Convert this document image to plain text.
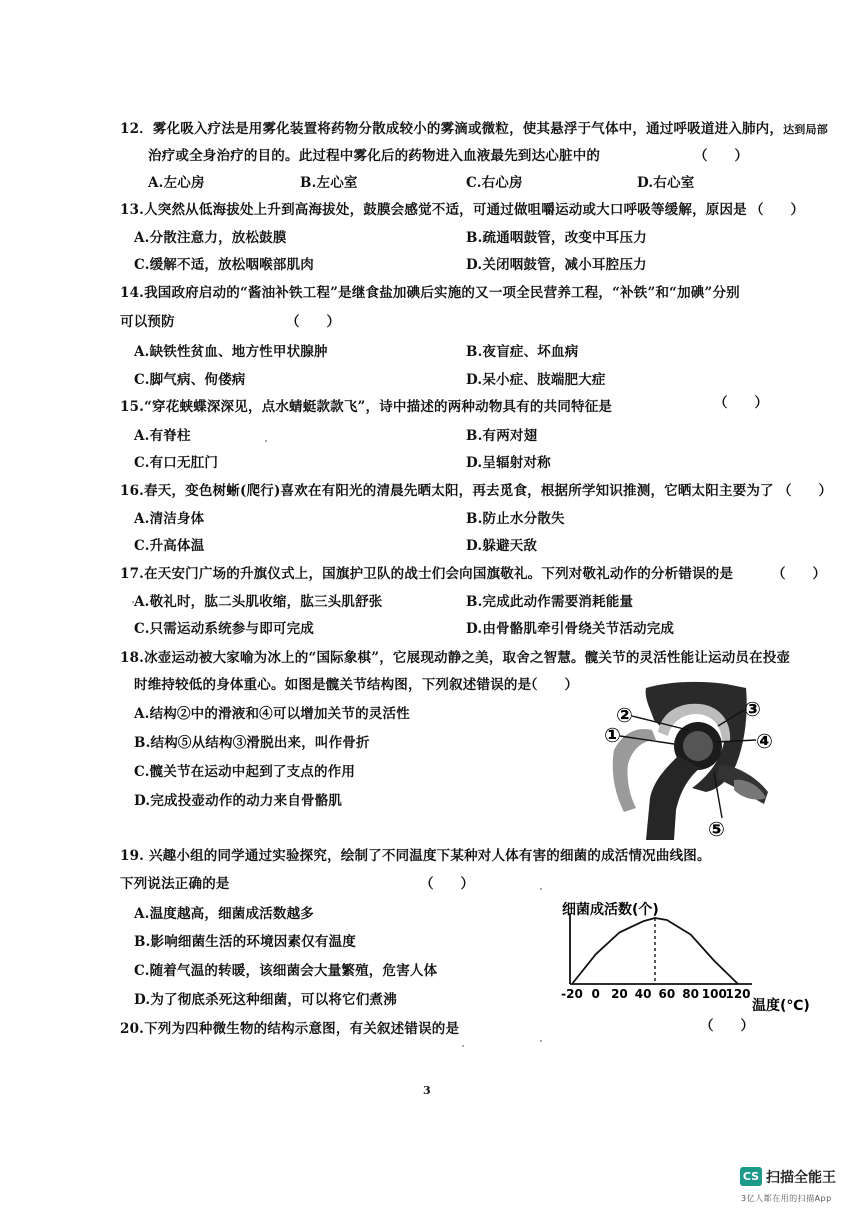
12．雾化吸入疗法是用雾化装置将药物分散成较小的雾滴或微粒，使其悬浮于气体中，通过呼吸道进入肺内，达到局部
治疗或全身治疗的目的。此过程中雾化后的药物进入血液最先到达心脏中的	（　　）
A.左心房	B.左心室	C.右心房	D.右心室
13.人突然从低海拔处上升到高海拔处，鼓膜会感觉不适，可通过做咀嚼运动或大口呼吸等缓解，原因是 （　　）
A.分散注意力，放松鼓膜	B.疏通咽鼓管，改变中耳压力
C.缓解不适，放松咽喉部肌肉	D.关闭咽鼓管，减小耳腔压力
14.我国政府启动的“酱油补铁工程”是继食盐加碘后实施的又一项全民营养工程，“补铁”和“加碘”分别
可以预防	（　　）
A.缺铁性贫血、地方性甲状腺肿	B.夜盲症、坏血病
C.脚气病、佝偻病	D.呆小症、肢端肥大症
15.“穿花蛱蝶深深见，点水蜻蜓款款飞”，诗中描述的两种动物具有的共同特征是	（　　）
A.有脊柱	B.有两对翅
C.有口无肛门	D.呈辐射对称
16.春天，变色树蜥(爬行)喜欢在有阳光的清晨先晒太阳，再去觅食，根据所学知识推测，它晒太阳主要为了 （　　）
A.清洁身体	B.防止水分散失
C.升高体温	D.躲避天敌
17.在天安门广场的升旗仪式上，国旗护卫队的战士们会向国旗敬礼。下列对敬礼动作的分析错误的是	（　　）
A.敬礼时，肱二头肌收缩，肱三头肌舒张	B.完成此动作需要消耗能量
C.只需运动系统参与即可完成	D.由骨骼肌牵引骨绕关节活动完成
18.冰壶运动被大家喻为冰上的“国际象棋”，它展现动静之美，取舍之智慧。髋关节的灵活性能让运动员在投壶
时维持较低的身体重心。如图是髋关节结构图，下列叙述错误的是
（　　）
A.结构②中的滑液和④可以增加关节的灵活性
B.结构⑤从结构③滑脱出来，叫作骨折
C.髋关节在运动中起到了支点的作用
D.完成投壶动作的动力来自骨骼肌
①
②	③
④
⑤
19. 兴趣小组的同学通过实验探究，绘制了不同温度下某种对人体有害的细菌的成活情况曲线图。
下列说法正确的是	（　　）
A.温度越高，细菌成活数越多
B.影响细菌生活的环境因素仅有温度
C.随着气温的转暖，该细菌会大量繁殖，危害人体
D.为了彻底杀死这种细菌，可以将它们煮沸
细菌成活数(个)
-20 0 20 40 60 80 100
120
温度(℃)
20.下列为四种微生物的结构示意图，有关叙述错误的是	（　　）
3
CS 扫描全能王
3亿人都在用的扫描App
